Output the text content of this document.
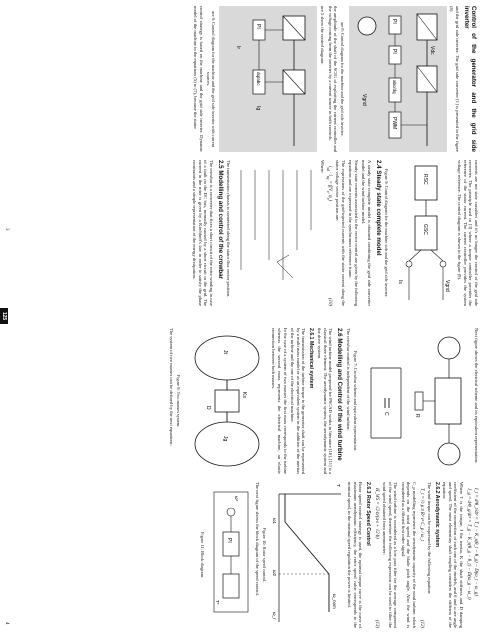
Control of the generator and the grid side inverter

and the grid side inverter. The grid side converter [1] is presented in the figure (8)

PI
PI
abc/dq
PWM
Vgrid
Vdc
ure 8: Control diagram for the machine and the grid side inverter.

the amplitude of the shaft of the SCIG of exploiting the current controller and the voltage coming from the inverter by a current source in both controls.

ure 5 show the control diagram:

PI
dq/abc
Ig
Ir
ure 9: Control diagram for the machine and the grid side inverter with current sources.

control strategy is based on the machine and the grid side inverter. Dynamic model of the machine in the equations (5) to (7), because the stator

currents are not state variables and it's no longer the control of the grid side converter. The principle used in [3] where a torque controller provides the reference of the stator current. The current controller provides the system voltage reference. The control diagram is shown in the figure (9).

RSC
GSC
Vgrid
Is
Figure 9: Control diagram for the machine side and the grid side inverter.
2.4 Steady state complete model

A steady state complete model is obtained combining the grid side converter model and the wind turbine model.

Steady state currents associated to the vector control are given by the following equations and are expressed in the synchronous reference frame.

The expressions of the grid-injected currents with the stator current along the stator voltage vector position are:

$i_{sd} \cdot i_{sq} = f(V_s$, $\psi_s$)
(10)
Where:

The transmission chassis is connected along the stator flux vector position.

2.5 Modelling and control of the crowbar

The crowbar is a converter that fixes a short circuit of the rotor winding in case of a fault on the DC bus, normally caused by a short circuit in the grid. The current in the rotor is given by a Kirchhoff's law in order to satisfy the phase constraints and a simple representation of the energy dissipation.

3
125

Next figure shows the electrical scheme and its equivalent representation:

R
C
Figure 7: Crowbar scheme and equivalent representation.

The crowbar control is independent of the wind turbine.

2.6 Modelling and Control of the wind turbine

The wind turbine model proposed for PSCAD works in literature [10], [11] is a classical three element: The aerodynamic system, the aerodynamic system and the drive system.

2.6.1 Mechanical system

The transmission of the turbine torque to the generator shaft can be represented by a multi mass model or as an equivalent system in the addition of the inertias of the turbine and the one of the electrical machine.

In the case of a system of two masses the first mass corresponds to the turbine whereas the second mass represents the electrical machine, an elastic connection between both masses.

Jt
Jg
Ks
D
Figure 8: Two masses system.

The system of two masses can be defined by the next equations:

I_t = d²θ_t/dt² = T_t − K_s(θ_t − θ_g) − D(ω_t − ω_g)
J_g = d²θ_g/dt² = T_g − K_s(θ_g − θ_t) − D(ω_g − ω_t)

Where T is the torque, J the inertia, K the shaft stiffness and D damping coefficient of the connection of each one of the models, and θ and ω are angle and speed. The most elementary shaft coupling considers the stiffness of the equation:

2.6.2 Aerodynamic system

The wind torque can be expressed by the following equation:

T_t = ½ ρ π R² v³ C_p / ω_t
(12)

C_p modelling represents the aerodynamic capacity of the wind turbine, which depends on the wind speed and the blade pitch angle. Also the wind is considered as a filtered first order signal.

The wind turbine is considered as a low pass filter for the average component of the wind speed, therefore the following expression can be used to filter the wind speed obtained from anemometer:

H_WS = √2·b/(a·s + √2·b)
(13)
2.6.3 Rotor Speed Control

Rotor speed control strategy is used, the optimal torque curve is the curve of maximum aerodynamic efficiency, the rotor speed value corresponds to the nominal speed, in the nominal speed regulation the power is limited.

ω1
ω2
ω_nom
ω_r
T
Figure 10: Rotor speed control.

The next figure shows the block diagram of the speed control.

PI
ω*
T*
Figure 11: Block diagram.
4
